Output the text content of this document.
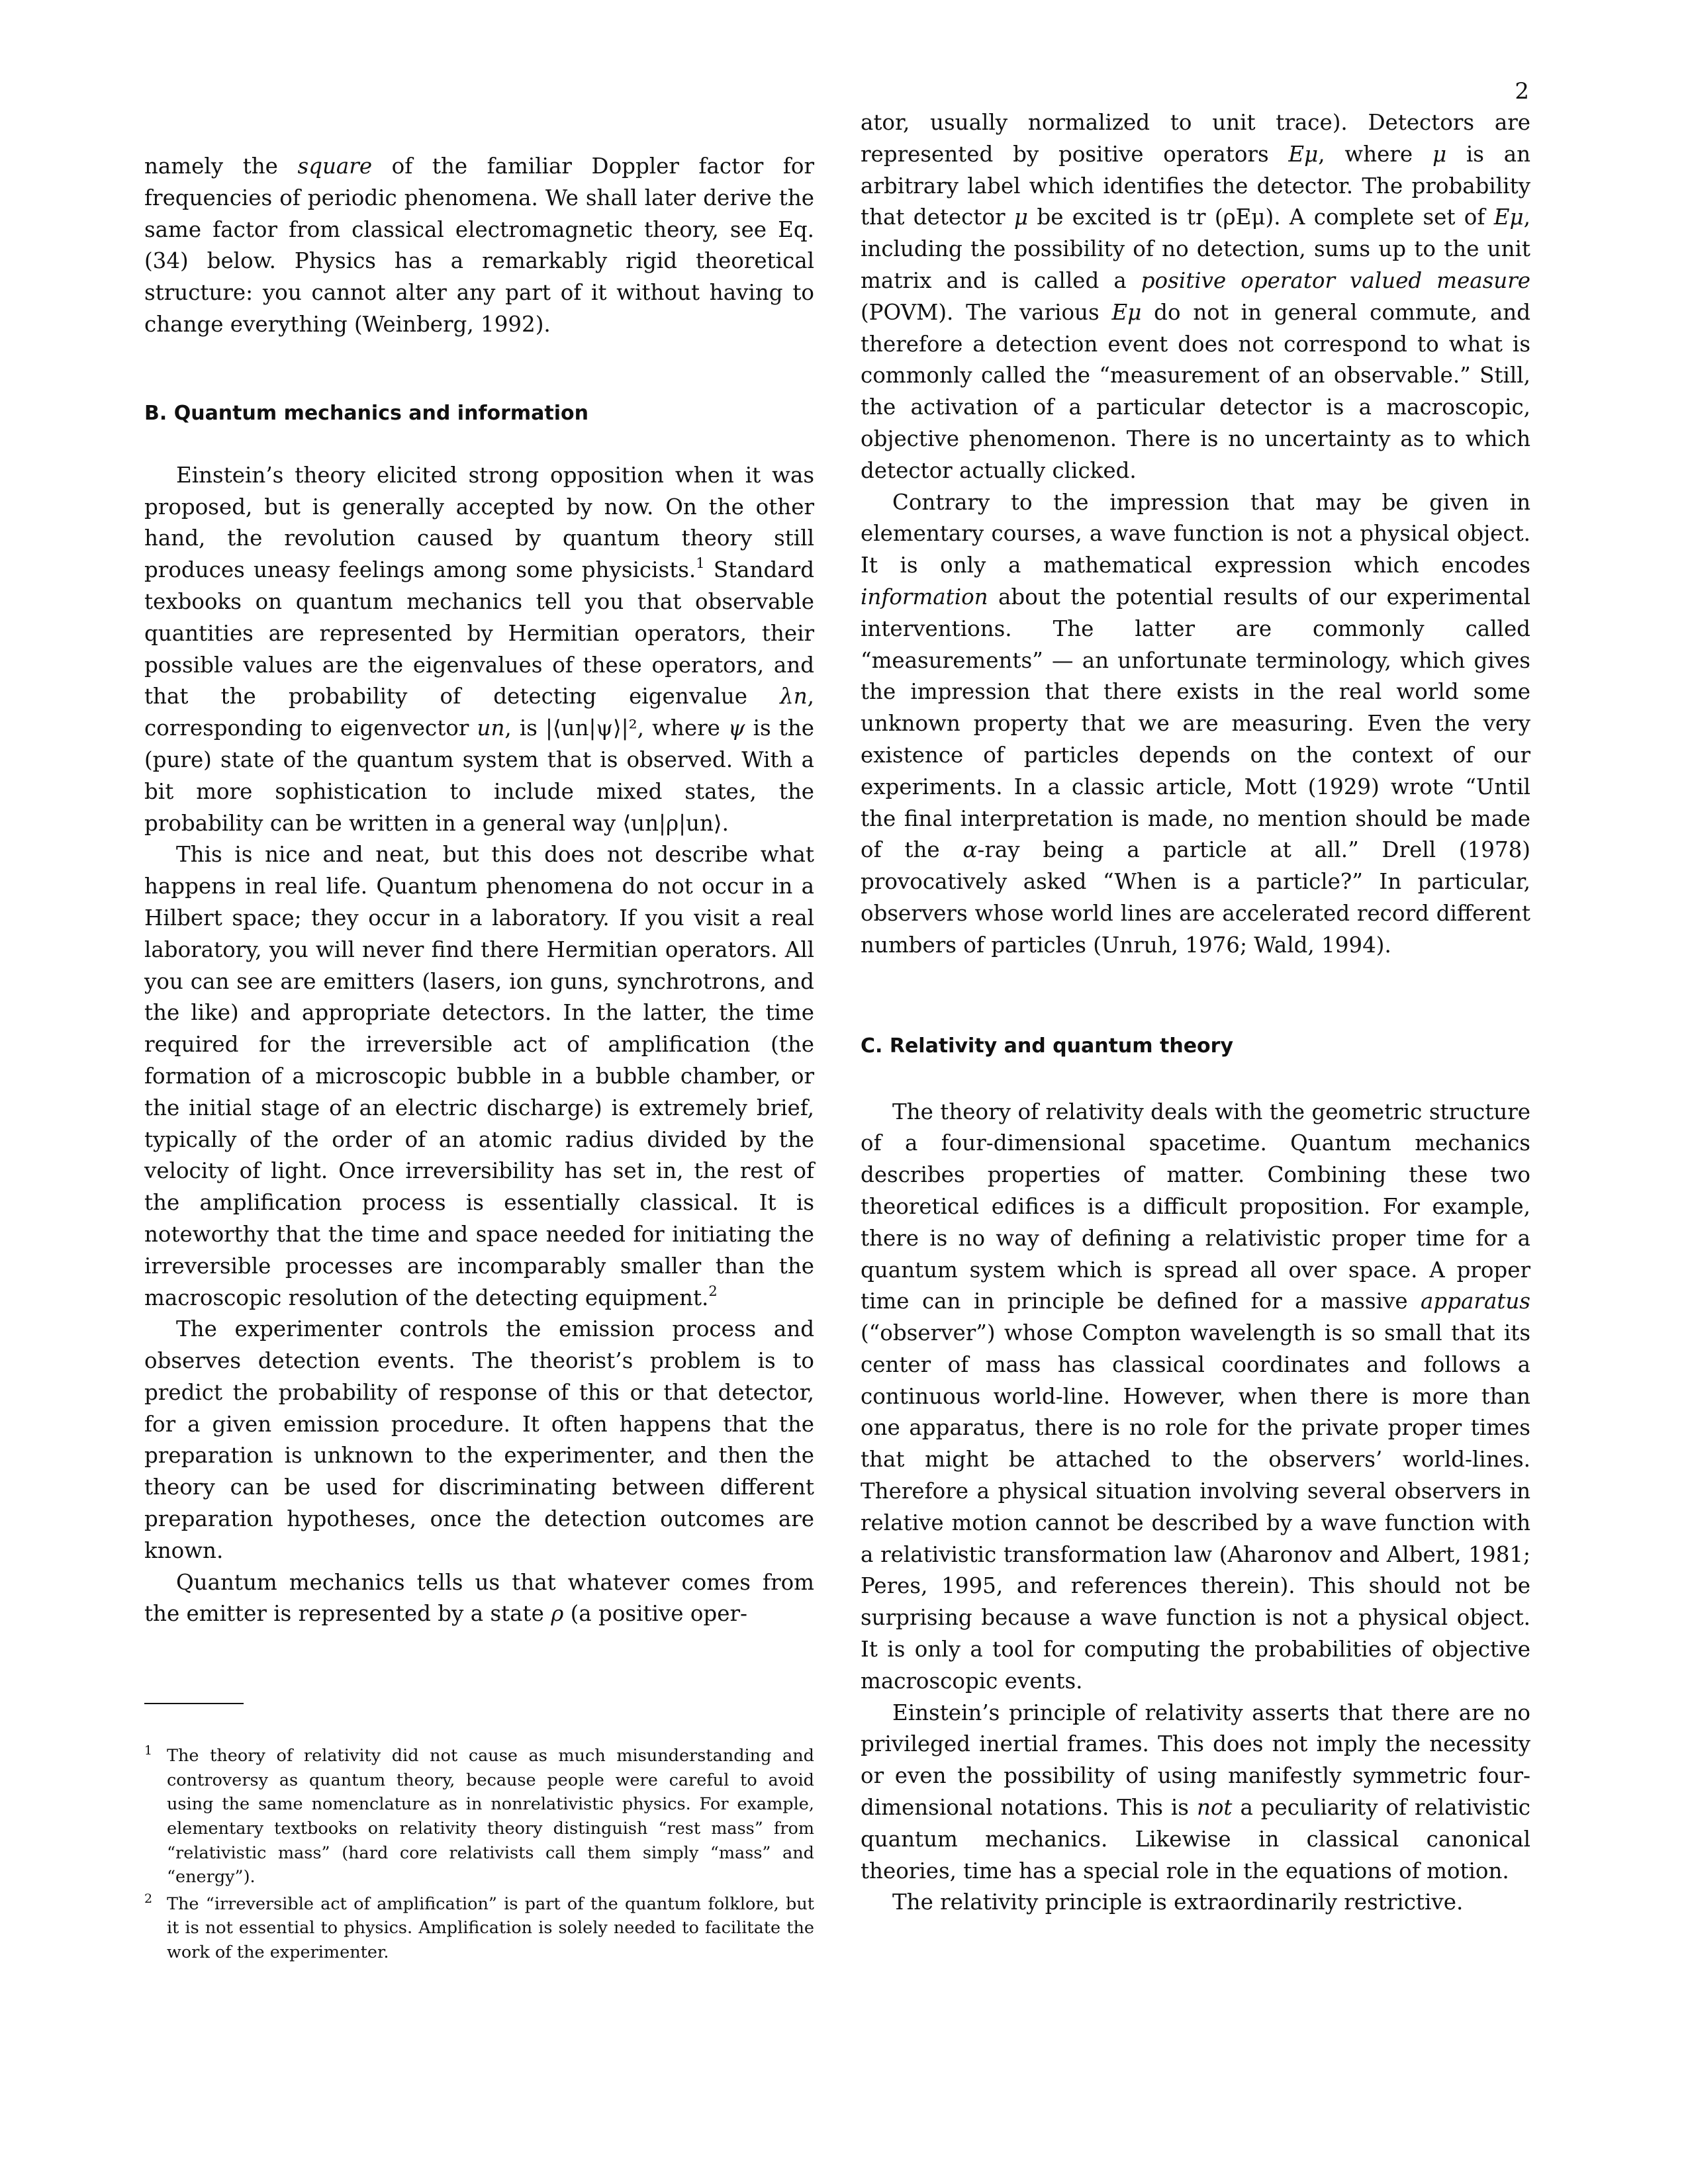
2

namely the square of the familiar Doppler factor for frequencies of periodic phenomena. We shall later derive the same factor from classical electromagnetic theory, see Eq. (34) below. Physics has a remarkably rigid theoretical structure: you cannot alter any part of it without having to change everything (Weinberg, 1992).

B. Quantum mechanics and information

Einstein’s theory elicited strong opposition when it was proposed, but is generally accepted by now. On the other hand, the revolution caused by quantum theory still produces uneasy feelings among some physicists.$^1$ Standard texbooks on quantum mechanics tell you that observable quantities are represented by Hermitian operators, their possible values are the eigenvalues of these operators, and that the probability of detecting eigenvalue λn, corresponding to eigenvector un, is |⟨un|ψ⟩|², where ψ is the (pure) state of the quantum system that is observed. With a bit more sophistication to include mixed states, the probability can be written in a general way ⟨un|ρ|un⟩.

This is nice and neat, but this does not describe what happens in real life. Quantum phenomena do not occur in a Hilbert space; they occur in a laboratory. If you visit a real laboratory, you will never find there Hermitian operators. All you can see are emitters (lasers, ion guns, synchrotrons, and the like) and appropriate detectors. In the latter, the time required for the irreversible act of amplification (the formation of a microscopic bubble in a bubble chamber, or the initial stage of an electric discharge) is extremely brief, typically of the order of an atomic radius divided by the velocity of light. Once irreversibility has set in, the rest of the amplification process is essentially classical. It is noteworthy that the time and space needed for initiating the irreversible processes are incomparably smaller than the macroscopic resolution of the detecting equipment.$^2$

The experimenter controls the emission process and observes detection events. The theorist’s problem is to predict the probability of response of this or that detector, for a given emission procedure. It often happens that the preparation is unknown to the experimenter, and then the theory can be used for discriminating between different preparation hypotheses, once the detection outcomes are known.

Quantum mechanics tells us that whatever comes from the emitter is represented by a state ρ (a positive oper-

1 The theory of relativity did not cause as much misunderstanding and controversy as quantum theory, because people were careful to avoid using the same nomenclature as in nonrelativistic physics. For example, elementary textbooks on relativity theory distinguish “rest mass” from “relativistic mass” (hard core relativists call them simply “mass” and “energy”).

2 The “irreversible act of amplification” is part of the quantum folklore, but it is not essential to physics. Amplification is solely needed to facilitate the work of the experimenter.

ator, usually normalized to unit trace). Detectors are represented by positive operators Eμ, where μ is an arbitrary label which identifies the detector. The probability that detector μ be excited is tr (ρEμ). A complete set of Eμ, including the possibility of no detection, sums up to the unit matrix and is called a positive operator valued measure (POVM). The various Eμ do not in general commute, and therefore a detection event does not correspond to what is commonly called the “measurement of an observable.” Still, the activation of a particular detector is a macroscopic, objective phenomenon. There is no uncertainty as to which detector actually clicked.

Contrary to the impression that may be given in elementary courses, a wave function is not a physical object. It is only a mathematical expression which encodes information about the potential results of our experimental interventions. The latter are commonly called “measurements” — an unfortunate terminology, which gives the impression that there exists in the real world some unknown property that we are measuring. Even the very existence of particles depends on the context of our experiments. In a classic article, Mott (1929) wrote “Until the final interpretation is made, no mention should be made of the α-ray being a particle at all.” Drell (1978) provocatively asked “When is a particle?” In particular, observers whose world lines are accelerated record different numbers of particles (Unruh, 1976; Wald, 1994).

C. Relativity and quantum theory

The theory of relativity deals with the geometric structure of a four-dimensional spacetime. Quantum mechanics describes properties of matter. Combining these two theoretical edifices is a difficult proposition. For example, there is no way of defining a relativistic proper time for a quantum system which is spread all over space. A proper time can in principle be defined for a massive apparatus (“observer”) whose Compton wavelength is so small that its center of mass has classical coordinates and follows a continuous world-line. However, when there is more than one apparatus, there is no role for the private proper times that might be attached to the observers’ world-lines. Therefore a physical situation involving several observers in relative motion cannot be described by a wave function with a relativistic transformation law (Aharonov and Albert, 1981; Peres, 1995, and references therein). This should not be surprising because a wave function is not a physical object. It is only a tool for computing the probabilities of objective macroscopic events.

Einstein’s principle of relativity asserts that there are no privileged inertial frames. This does not imply the necessity or even the possibility of using manifestly symmetric four-dimensional notations. This is not a peculiarity of relativistic quantum mechanics. Likewise in classical canonical theories, time has a special role in the equations of motion.

The relativity principle is extraordinarily restrictive.
